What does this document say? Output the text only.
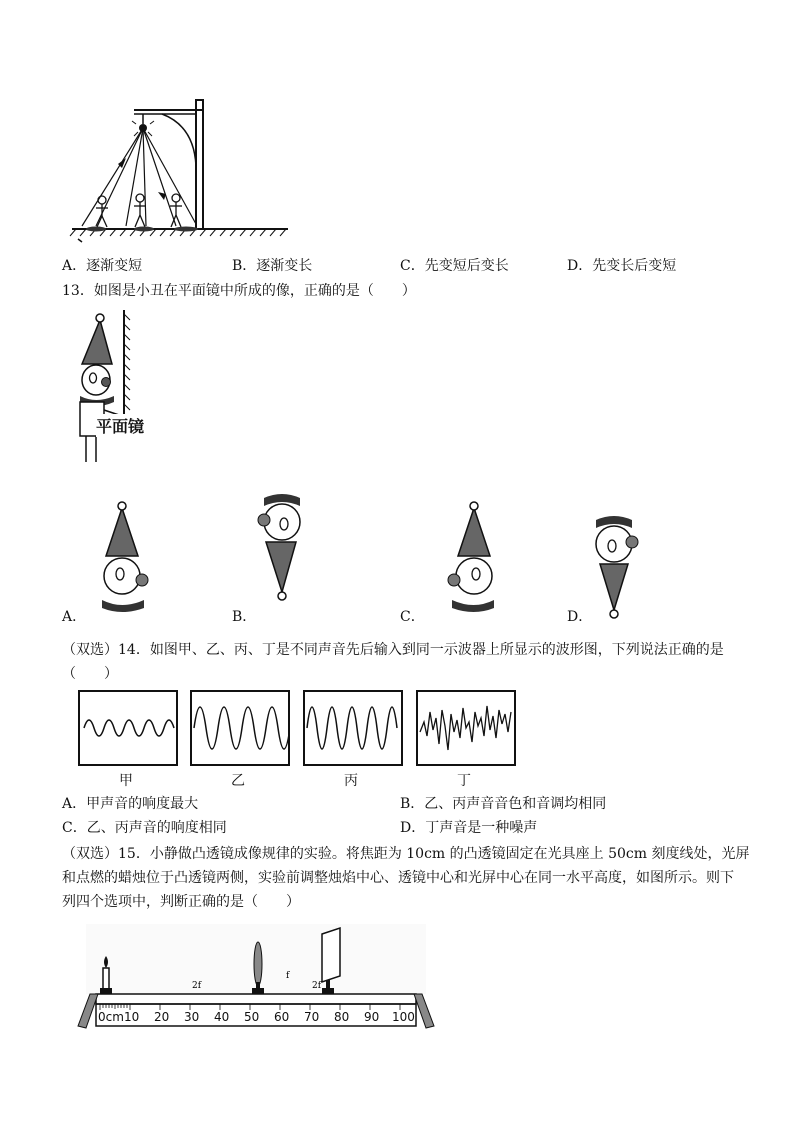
A．逐渐变短	B．逐渐变长	C．先变短后变长	D．先变长后变短
13．如图是小丑在平面镜中所成的像，正确的是（　　）
平面镜
A．	B．	C．	D．
（双选）14．如图甲、乙、丙、丁是不同声音先后输入到同一示波器上所显示的波形图，下列说法正确的是
（　　）
甲	乙	丙	丁
A．甲声音的响度最大	B．乙、丙声音音色和音调均相同
C．乙、丙声音的响度相同	D．丁声音是一种噪声
（双选）15．小静做凸透镜成像规律的实验。将焦距为 10cm 的凸透镜固定在光具座上 50cm 刻度线处，光屏
和点燃的蜡烛位于凸透镜两侧，实验前调整烛焰中心、透镜中心和光屏中心在同一水平高度，如图所示。则下
列四个选项中，判断正确的是（　　）
2f
f
2f
0cm 10 20 30 40 50 60 70 80 90 100
